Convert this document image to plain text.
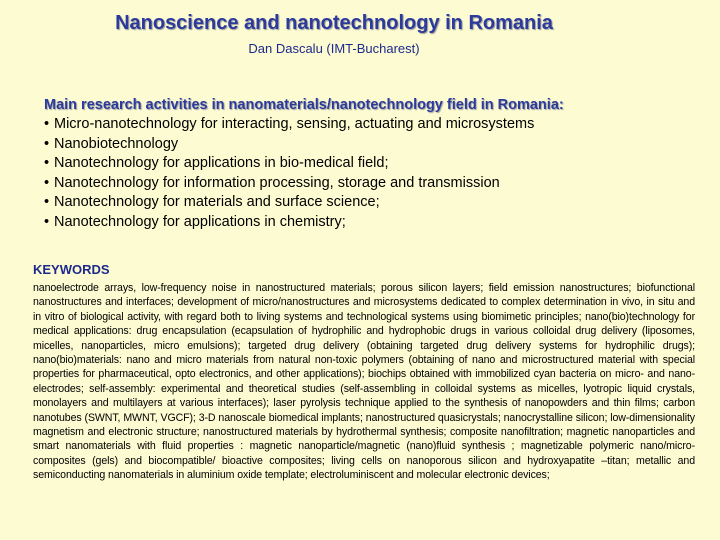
Nanoscience and nanotechnology in Romania

Dan Dascalu (IMT-Bucharest)

Main research activities in nanomaterials/nanotechnology field in Romania:
• Micro-nanotechnology for interacting, sensing, actuating and microsystems
• Nanobiotechnology
• Nanotechnology for applications in bio-medical field;
• Nanotechnology for information processing, storage and transmission
• Nanotechnology for materials and surface science;
• Nanotechnology for applications in chemistry;
KEYWORDS

nanoelectrode arrays, low-frequency noise in nanostructured materials; porous silicon layers; field emission nanostructures; biofunctional nanostructures and interfaces; development of micro/nanostructures and microsystems dedicated to complex determination in vivo, in situ and in vitro of biological activity, with regard both to living systems and technological systems using biomimetic principles; nano(bio)technology for medical applications: drug encapsulation (ecapsulation of hydrophilic and hydrophobic drugs in various colloidal drug delivery (liposomes, micelles, nanoparticles, micro emulsions); targeted drug delivery (obtaining targeted drug delivery systems for hydrophilic drugs); nano(bio)materials: nano and micro materials from natural non-toxic polymers (obtaining of nano and microstructured material with special properties for pharmaceutical, opto electronics, and other applications); biochips obtained with immobilized cyan bacteria on micro- and nano-electrodes; self-assembly: experimental and theoretical studies (self-assembling in colloidal systems as micelles, lyotropic liquid crystals, monolayers and multilayers at various interfaces); laser pyrolysis technique applied to the synthesis of nanopowders and thin films; carbon nanotubes (SWNT, MWNT, VGCF); 3-D nanoscale biomedical implants; nanostructured quasicrystals; nanocrystalline silicon; low-dimensionality magnetism and electronic structure; nanostructured materials by hydrothermal synthesis; composite nanofiltration; magnetic nanoparticles and smart nanomaterials with fluid properties : magnetic nanoparticle/magnetic (nano)fluid synthesis ; magnetizable polymeric nano/micro-composites (gels) and biocompatible/ bioactive composites; living cells on nanoporous silicon and hydroxyapatite –titan; metallic and semiconducting nanomaterials in aluminium oxide template; electroluminiscent and molecular electronic devices;
